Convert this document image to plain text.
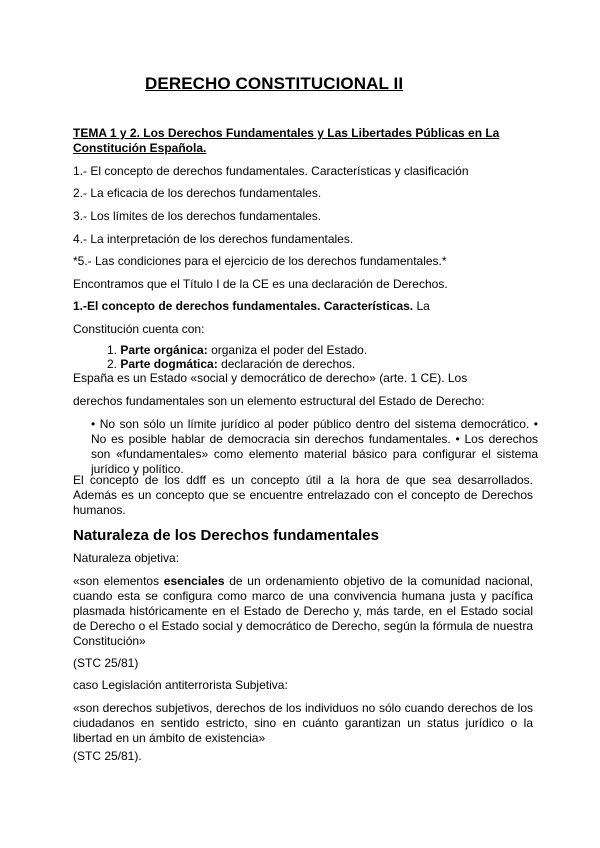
DERECHO CONSTITUCIONAL II
TEMA 1 y 2. Los Derechos Fundamentales y Las Libertades Públicas en La Constitución Española.
1.- El concepto de derechos fundamentales. Características y clasificación
2.- La eficacia de los derechos fundamentales.
3.- Los límites de los derechos fundamentales.
4.- La interpretación de los derechos fundamentales.
*5.- Las condiciones para el ejercicio de los derechos fundamentales.*
Encontramos que el Título I de la CE es una declaración de Derechos.
1.-El concepto de derechos fundamentales. Características. La
Constitución cuenta con:
1. Parte orgánica: organiza el poder del Estado.
2. Parte dogmática: declaración de derechos.
España es un Estado «social y democrático de derecho» (arte. 1 CE). Los
derechos fundamentales son un elemento estructural del Estado de Derecho:
• No son sólo un límite jurídico al poder público dentro del sistema democrático. • No es posible hablar de democracia sin derechos fundamentales. • Los derechos son «fundamentales» como elemento material básico para configurar el sistema jurídico y político.
El concepto de los ddff es un concepto útil a la hora de que sea desarrollados. Además es un concepto que se encuentre entrelazado con el concepto de Derechos humanos.
Naturaleza de los Derechos fundamentales
Naturaleza objetiva:
«son elementos esenciales de un ordenamiento objetivo de la comunidad nacional, cuando esta se configura como marco de una convivencia humana justa y pacífica plasmada históricamente en el Estado de Derecho y, más tarde, en el Estado social de Derecho o el Estado social y democrático de Derecho, según la fórmula de nuestra Constitución»
(STC 25/81)
caso Legislación antiterrorista Subjetiva:
«son derechos subjetivos, derechos de los individuos no sólo cuando derechos de los ciudadanos en sentido estricto, sino en cuánto garantizan un status jurídico o la libertad en un ámbito de existencia»
(STC 25/81).
